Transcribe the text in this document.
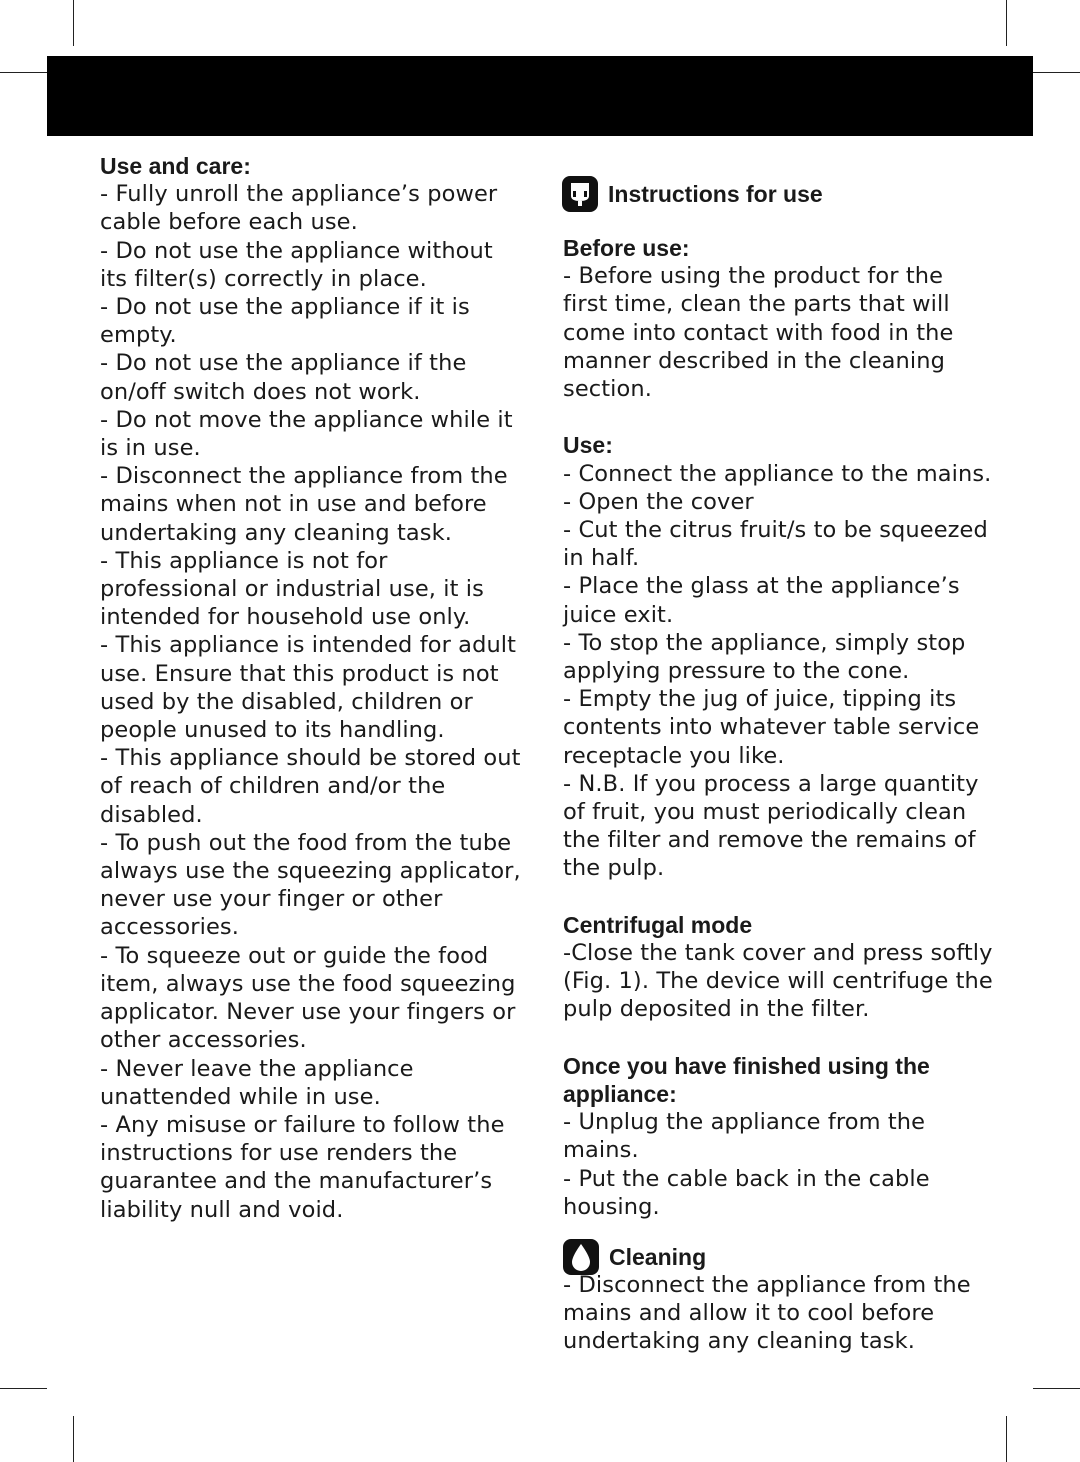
Use and care:

- Fully unroll the appliance’s power cable before each use.

- Do not use the appliance without its filter(s) correctly in place.

- Do not use the appliance if it is empty.

- Do not use the appliance if the on/off switch does not work.

- Do not move the appliance while it is in use.

- Disconnect the appliance from the mains when not in use and before undertaking any cleaning task.

- This appliance is not for professional or industrial use, it is intended for household use only.

- This appliance is intended for adult use. Ensure that this product is not used by the disabled, children or people unused to its handling.

- This appliance should be stored out of reach of children and/or the disabled.

- To push out the food from the tube always use the squeezing applicator, never use your finger or other accessories.

- To squeeze out or guide the food item, always use the food squeezing applicator. Never use your fingers or other accessories.

- Never leave the appliance unattended while in use.

- Any misuse or failure to follow the instructions for use renders the guarantee and the manufacturer’s liability null and void.

Instructions for use

Before use:

- Before using the product for the first time, clean the parts that will come into contact with food in the manner described in the cleaning section.

Use:

- Connect the appliance to the mains.

- Open the cover

- Cut the citrus fruit/s to be squeezed in half.

- Place the glass at the appliance’s juice exit.

- To stop the appliance, simply stop applying pressure to the cone.

- Empty the jug of juice, tipping its contents into whatever table service receptacle you like.

- N.B. If you process a large quantity of fruit, you must periodically clean the filter and remove the remains of the pulp.

Centrifugal mode

-Close the tank cover and press softly (Fig. 1). The device will centrifuge the pulp deposited in the filter.

Once you have finished using the appliance:

- Unplug the appliance from the mains.

- Put the cable back in the cable housing.

Cleaning

- Disconnect the appliance from the mains and allow it to cool before undertaking any cleaning task.
